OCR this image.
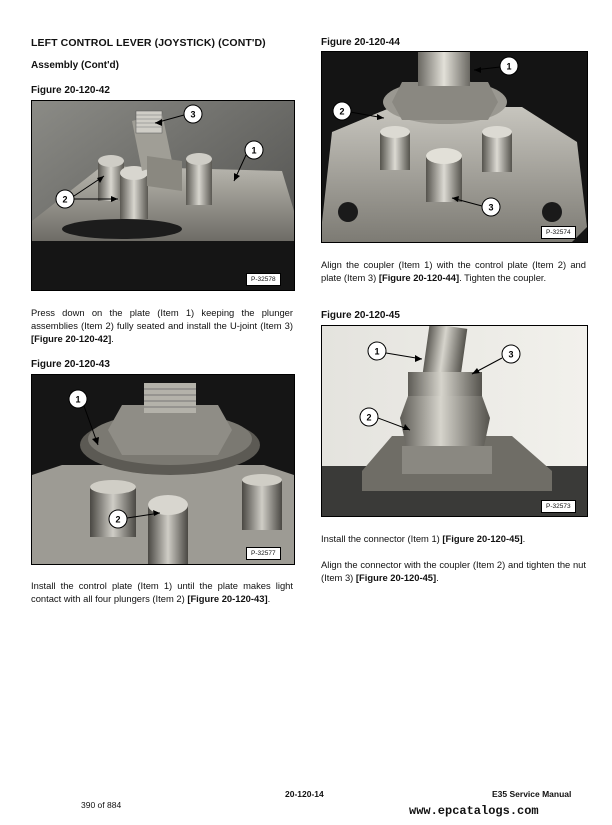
LEFT CONTROL LEVER (JOYSTICK) (CONT'D)
Assembly (Cont'd)
Figure 20-120-42
3
1
2
P-32578
Press down on the plate (Item 1) keeping the plunger assemblies (Item 2) fully seated and install the U-joint (Item 3) [Figure 20-120-42].
Figure 20-120-43
1
2
P-32577
Install the control plate (Item 1) until the plate makes light contact with all four plungers (Item 2) [Figure 20-120-43].
Figure 20-120-44
1
2
3
P-32574
Align the coupler (Item 1) with the control plate (Item 2) and plate (Item 3) [Figure 20-120-44]. Tighten the coupler.
Figure 20-120-45
1	3
2
P-32573
Install the connector (Item 1) [Figure 20-120-45].
Align the connector with the coupler (Item 2) and tighten the nut (Item 3) [Figure 20-120-45].
390 of 884
20-120-14	E35 Service Manual
www.epcatalogs.com
